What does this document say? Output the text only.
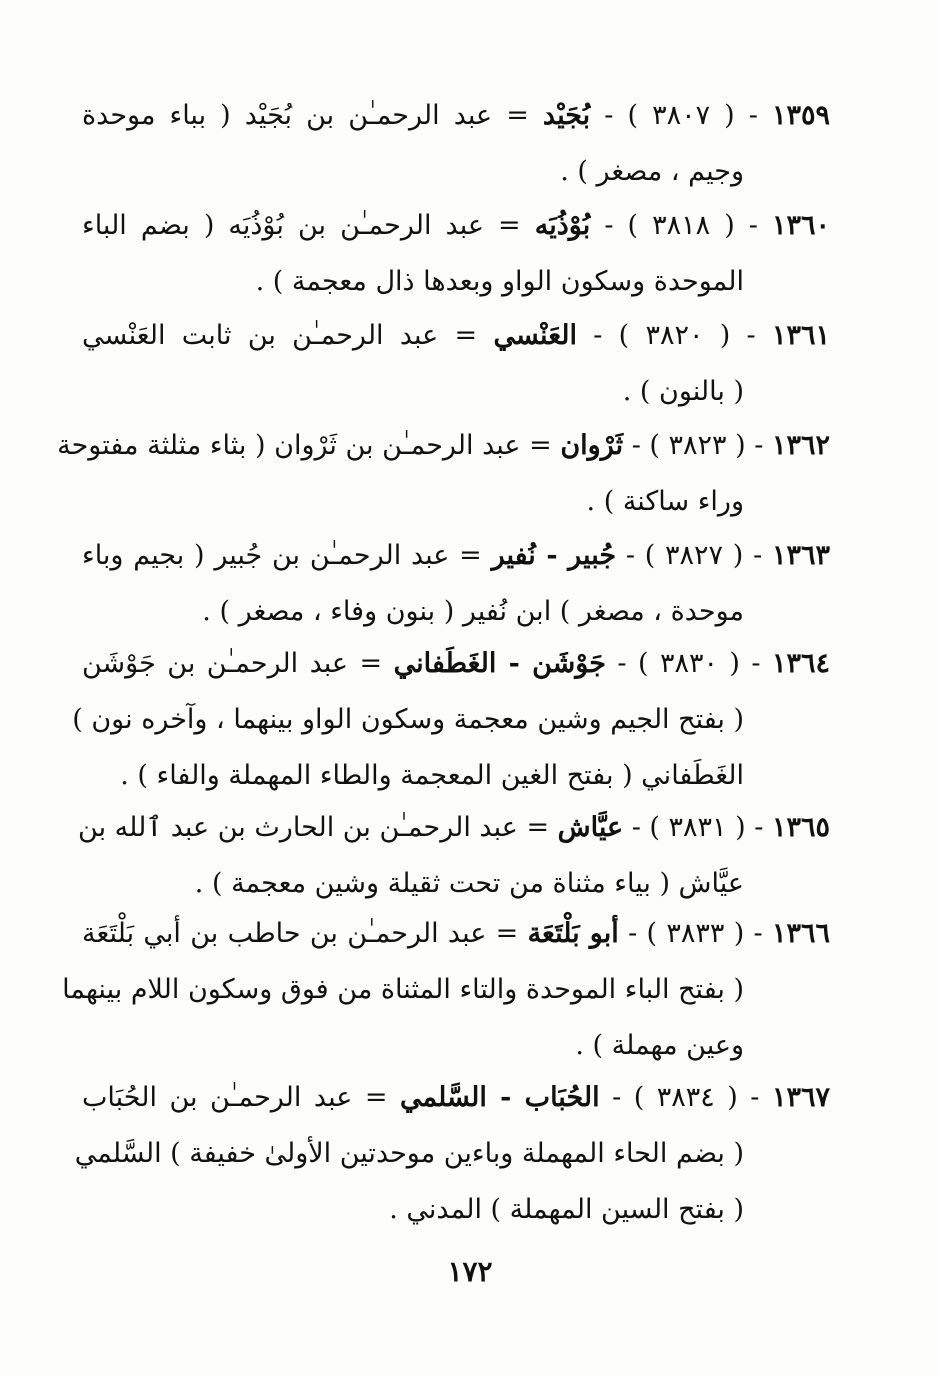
١٣٥٩ - ( ٣٨٠٧ ) - بُجَيْد = عبد الرحمـٰن بن بُجَيْد ( بباء موحدة
وجيم ، مصغر ) .
١٣٦٠ - ( ٣٨١٨ ) - بُوْذُيَه = عبد الرحمـٰن بن بُوْذُيَه ( بضم الباء
الموحدة وسكون الواو وبعدها ذال معجمة ) .
١٣٦١ - ( ٣٨٢٠ ) - العَنْسي = عبد الرحمـٰن بن ثابت العَنْسي
( بالنون ) .
١٣٦٢ - ( ٣٨٢٣ ) - ثَرْوان = عبد الرحمـٰن بن ثَرْوان ( بثاء مثلثة مفتوحة
وراء ساكنة ) .
١٣٦٣ - ( ٣٨٢٧ ) - جُبير - نُفير = عبد الرحمـٰن بن جُبير ( بجيم وباء
موحدة ، مصغر ) ابن نُفير ( بنون وفاء ، مصغر ) .
١٣٦٤ - ( ٣٨٣٠ ) - جَوْشَن - الغَطَفاني = عبد الرحمـٰن بن جَوْشَن
( بفتح الجيم وشين معجمة وسكون الواو بينهما ، وآخره نون )
الغَطَفاني ( بفتح الغين المعجمة والطاء المهملة والفاء ) .
١٣٦٥ - ( ٣٨٣١ ) - عيَّاش = عبد الرحمـٰن بن الحارث بن عبد ٱلله بن
عيَّاش ( بياء مثناة من تحت ثقيلة وشين معجمة ) .
١٣٦٦ - ( ٣٨٣٣ ) - أبو بَلْتَعَة = عبد الرحمـٰن بن حاطب بن أبي بَلْتَعَة
( بفتح الباء الموحدة والتاء المثناة من فوق وسكون اللام بينهما
وعين مهملة ) .
١٣٦٧ - ( ٣٨٣٤ ) - الحُبَاب - السَّلمي = عبد الرحمـٰن بن الحُبَاب
( بضم الحاء المهملة وباءين موحدتين الأولىٰ خفيفة ) السَّلمي
( بفتح السين المهملة ) المدني .
١٧٢
